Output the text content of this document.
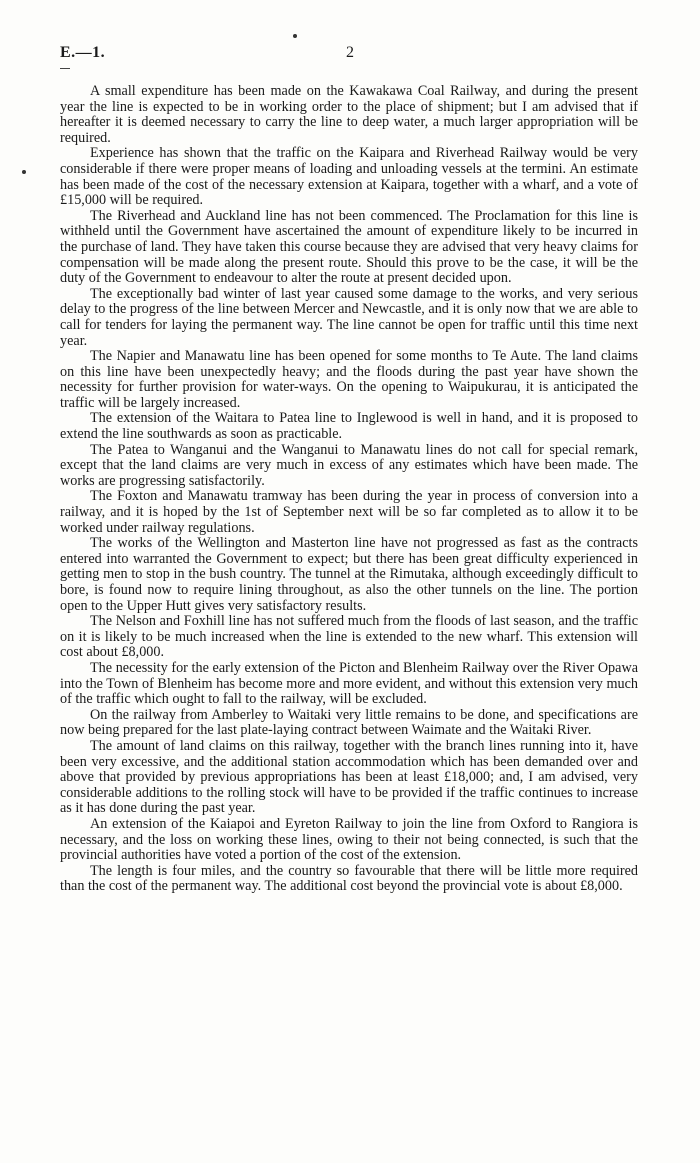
E.—1.	2

A small expenditure has been made on the Kawakawa Coal Railway, and during the present year the line is expected to be in working order to the place of shipment; but I am advised that if hereafter it is deemed necessary to carry the line to deep water, a much larger appropriation will be required.

Experience has shown that the traffic on the Kaipara and Riverhead Railway would be very considerable if there were proper means of loading and unloading vessels at the termini. An estimate has been made of the cost of the necessary extension at Kaipara, together with a wharf, and a vote of £15,000 will be required.

The Riverhead and Auckland line has not been commenced. The Proclamation for this line is withheld until the Government have ascertained the amount of expenditure likely to be incurred in the purchase of land. They have taken this course because they are advised that very heavy claims for compensation will be made along the present route. Should this prove to be the case, it will be the duty of the Government to endeavour to alter the route at present decided upon.

The exceptionally bad winter of last year caused some damage to the works, and very serious delay to the progress of the line between Mercer and Newcastle, and it is only now that we are able to call for tenders for laying the permanent way. The line cannot be open for traffic until this time next year.

The Napier and Manawatu line has been opened for some months to Te Aute. The land claims on this line have been unexpectedly heavy; and the floods during the past year have shown the necessity for further provision for water-ways. On the opening to Waipukurau, it is anticipated the traffic will be largely increased.

The extension of the Waitara to Patea line to Inglewood is well in hand, and it is proposed to extend the line southwards as soon as practicable.

The Patea to Wanganui and the Wanganui to Manawatu lines do not call for special remark, except that the land claims are very much in excess of any estimates which have been made. The works are progressing satisfactorily.

The Foxton and Manawatu tramway has been during the year in process of conversion into a railway, and it is hoped by the 1st of September next will be so far completed as to allow it to be worked under railway regulations.

The works of the Wellington and Masterton line have not progressed as fast as the contracts entered into warranted the Government to expect; but there has been great difficulty experienced in getting men to stop in the bush country. The tunnel at the Rimutaka, although exceedingly difficult to bore, is found now to require lining throughout, as also the other tunnels on the line. The portion open to the Upper Hutt gives very satisfactory results.

The Nelson and Foxhill line has not suffered much from the floods of last season, and the traffic on it is likely to be much increased when the line is extended to the new wharf. This extension will cost about £8,000.

The necessity for the early extension of the Picton and Blenheim Railway over the River Opawa into the Town of Blenheim has become more and more evident, and without this extension very much of the traffic which ought to fall to the railway, will be excluded.

On the railway from Amberley to Waitaki very little remains to be done, and specifications are now being prepared for the last plate-laying contract between Waimate and the Waitaki River.

The amount of land claims on this railway, together with the branch lines running into it, have been very excessive, and the additional station accommodation which has been demanded over and above that provided by previous appropriations has been at least £18,000; and, I am advised, very considerable additions to the rolling stock will have to be provided if the traffic continues to increase as it has done during the past year.

An extension of the Kaiapoi and Eyreton Railway to join the line from Oxford to Rangiora is necessary, and the loss on working these lines, owing to their not being connected, is such that the provincial authorities have voted a portion of the cost of the extension.

The length is four miles, and the country so favourable that there will be little more required than the cost of the permanent way. The additional cost beyond the provincial vote is about £8,000.
